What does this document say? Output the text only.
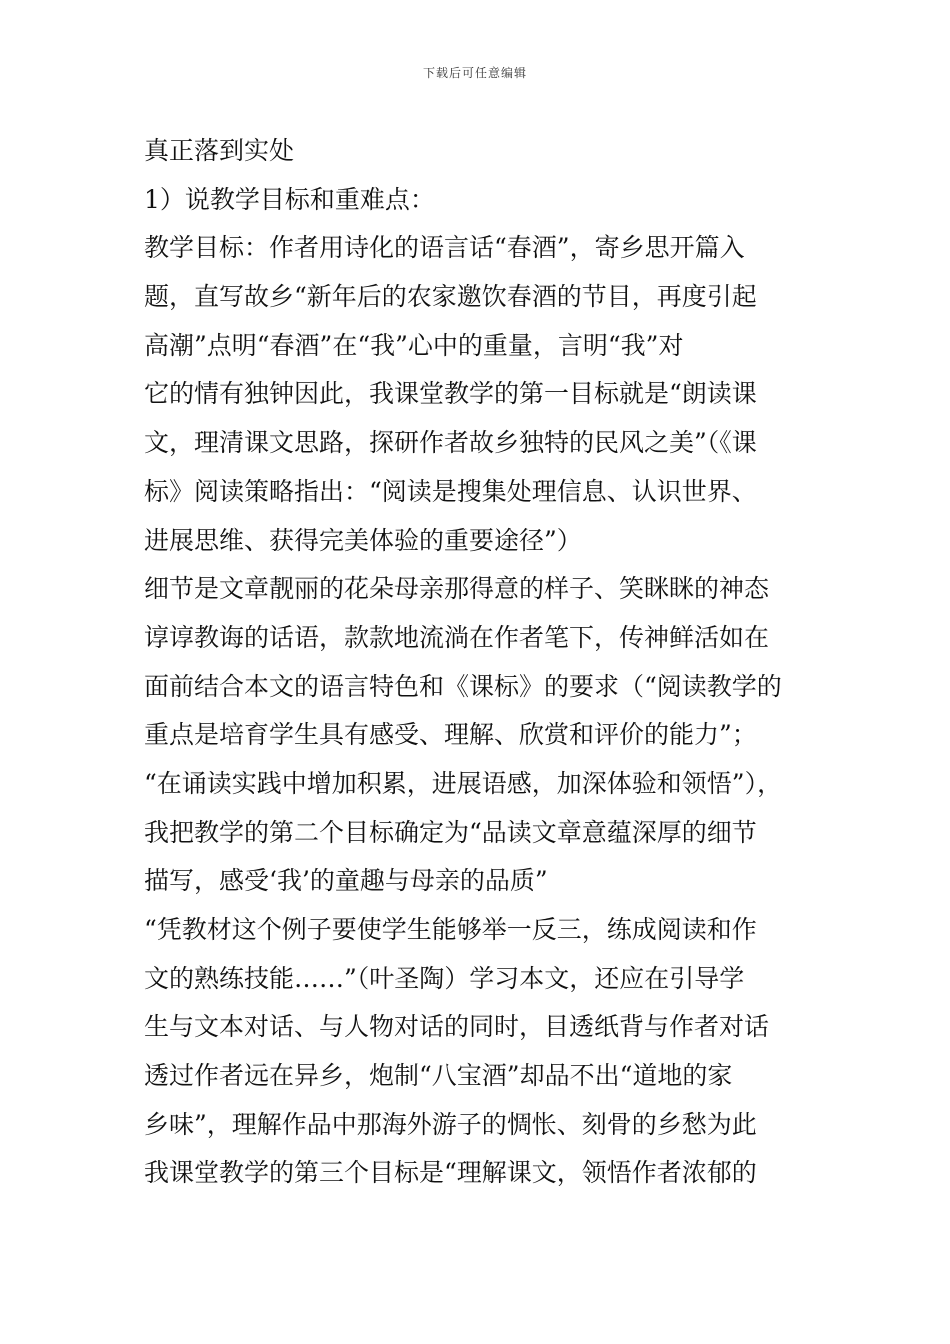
下载后可任意编辑
真正落到实处
1）说教学目标和重难点：
教学目标：作者用诗化的语言话“春酒”，寄乡思开篇入
题，直写故乡“新年后的农家邀饮春酒的节目，再度引起
高潮”点明“春酒”在“我”心中的重量，言明“我”对
它的情有独钟因此，我课堂教学的第一目标就是“朗读课
文，理清课文思路，探研作者故乡独特的民风之美”（《课
标》阅读策略指出：“阅读是搜集处理信息、认识世界、
进展思维、获得完美体验的重要途径”）
细节是文章靓丽的花朵母亲那得意的样子、笑眯眯的神态
谆谆教诲的话语，款款地流淌在作者笔下，传神鲜活如在
面前结合本文的语言特色和《课标》的要求（“阅读教学的
重点是培育学生具有感受、理解、欣赏和评价的能力”；
“在诵读实践中增加积累，进展语感，加深体验和领悟”），
我把教学的第二个目标确定为“品读文章意蕴深厚的细节
描写，感受‘我’的童趣与母亲的品质”
“凭教材这个例子要使学生能够举一反三，练成阅读和作
文的熟练技能……”（叶圣陶）学习本文，还应在引导学
生与文本对话、与人物对话的同时，目透纸背与作者对话
透过作者远在异乡，炮制“八宝酒”却品不出“道地的家
乡味”，理解作品中那海外游子的惆怅、刻骨的乡愁为此
我课堂教学的第三个目标是“理解课文，领悟作者浓郁的
